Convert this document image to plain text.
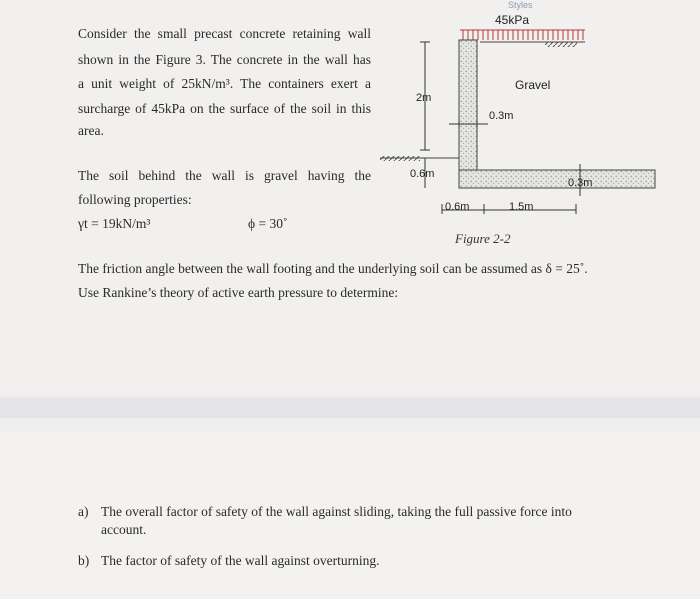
Styles
Consider the small precast concrete retaining wall
shown in the Figure 3. The concrete in the wall has
a unit weight of 25kN/m³. The containers exert a
surcharge of 45kPa on the surface of the soil in this
area.
The soil behind the wall is gravel having the
following properties:
γt = 19kN/m³	ϕ = 30˚
45kPa
Gravel
2m
0.3m
0.6m
0.3m
0.6m	1.5m
Figure 2-2
The friction angle between the wall footing and the underlying soil can be assumed as δ = 25˚.
Use Rankine’s theory of active earth pressure to determine:
a) The overall factor of safety of the wall against sliding, taking the full passive force into
account.
b) The factor of safety of the wall against overturning.
